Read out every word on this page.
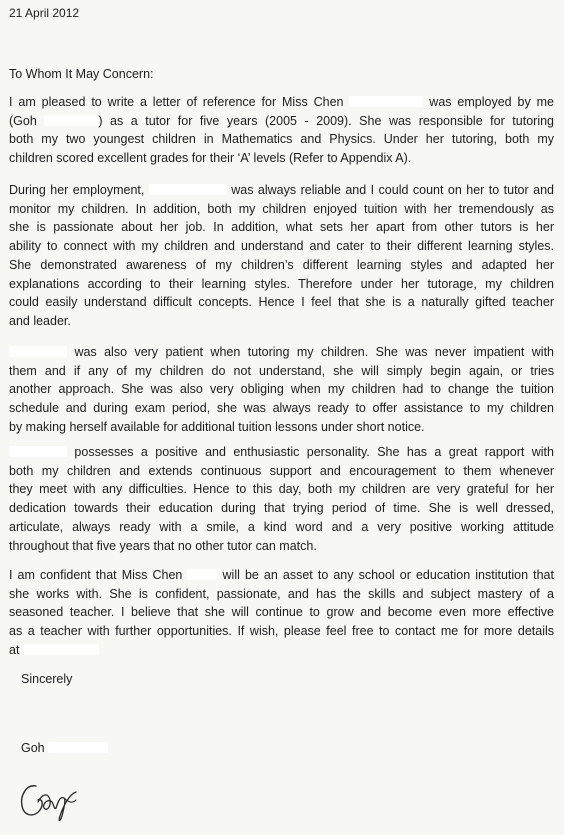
21 April 2012
To Whom It May Concern:
I am pleased to write a letter of reference for Miss Chen	was employed by me
(Goh	) as a tutor for five years (2005 - 2009). She was responsible for tutoring
both my two youngest children in Mathematics and Physics. Under her tutoring, both my
children scored excellent grades for their ‘A’ levels (Refer to Appendix A).
During her employment,	was always reliable and I could count on her to tutor and
monitor my children. In addition, both my children enjoyed tuition with her tremendously as
she is passionate about her job. In addition, what sets her apart from other tutors is her
ability to connect with my children and understand and cater to their different learning styles.
She demonstrated awareness of my children’s different learning styles and adapted her
explanations according to their learning styles. Therefore under her tutorage, my children
could easily understand difficult concepts. Hence I feel that she is a naturally gifted teacher
and leader.
was also very patient when tutoring my children. She was never impatient with
them and if any of my children do not understand, she will simply begin again, or tries
another approach. She was also very obliging when my children had to change the tuition
schedule and during exam period, she was always ready to offer assistance to my children
by making herself available for additional tuition lessons under short notice.
possesses a positive and enthusiastic personality. She has a great rapport with
both my children and extends continuous support and encouragement to them whenever
they meet with any difficulties. Hence to this day, both my children are very grateful for her
dedication towards their education during that trying period of time. She is well dressed,
articulate, always ready with a smile, a kind word and a very positive working attitude
throughout that five years that no other tutor can match.
I am confident that Miss Chen	will be an asset to any school or education institution that
she works with. She is confident, passionate, and has the skills and subject mastery of a
seasoned teacher. I believe that she will continue to grow and become even more effective
as a teacher with further opportunities. If wish, please feel free to contact me for more details
at
Sincerely
Goh
